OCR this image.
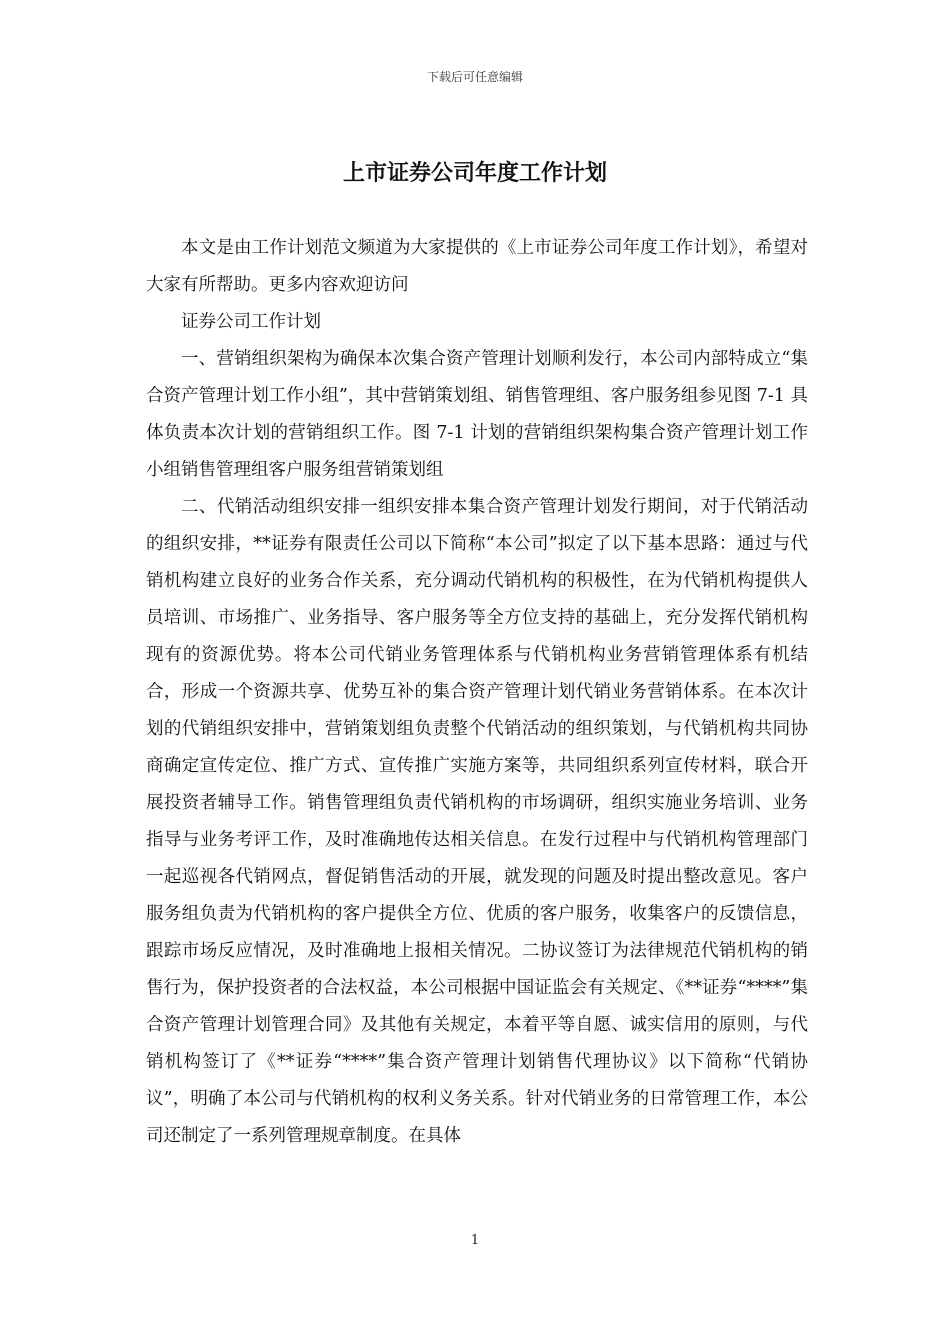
下载后可任意编辑
上市证券公司年度工作计划

本文是由工作计划范文频道为大家提供的《上市证券公司年度工作计划》，希望对大家有所帮助。更多内容欢迎访问

证券公司工作计划

一、营销组织架构为确保本次集合资产管理计划顺利发行，本公司内部特成立“集合资产管理计划工作小组”，其中营销策划组、销售管理组、客户服务组参见图 7-1 具体负责本次计划的营销组织工作。图 7-1 计划的营销组织架构集合资产管理计划工作小组销售管理组客户服务组营销策划组

二、代销活动组织安排一组织安排本集合资产管理计划发行期间，对于代销活动的组织安排，**证券有限责任公司以下简称“本公司”拟定了以下基本思路：通过与代销机构建立良好的业务合作关系，充分调动代销机构的积极性，在为代销机构提供人员培训、市场推广、业务指导、客户服务等全方位支持的基础上，充分发挥代销机构现有的资源优势。将本公司代销业务管理体系与代销机构业务营销管理体系有机结合，形成一个资源共享、优势互补的集合资产管理计划代销业务营销体系。在本次计划的代销组织安排中，营销策划组负责整个代销活动的组织策划，与代销机构共同协商确定宣传定位、推广方式、宣传推广实施方案等，共同组织系列宣传材料，联合开展投资者辅导工作。销售管理组负责代销机构的市场调研，组织实施业务培训、业务指导与业务考评工作，及时准确地传达相关信息。在发行过程中与代销机构管理部门一起巡视各代销网点，督促销售活动的开展，就发现的问题及时提出整改意见。客户服务组负责为代销机构的客户提供全方位、优质的客户服务，收集客户的反馈信息，跟踪市场反应情况，及时准确地上报相关情况。二协议签订为法律规范代销机构的销售行为，保护投资者的合法权益，本公司根据中国证监会有关规定、《**证券“****”集合资产管理计划管理合同》及其他有关规定，本着平等自愿、诚实信用的原则，与代销机构签订了《**证券“****”集合资产管理计划销售代理协议》以下简称“代销协议”，明确了本公司与代销机构的权利义务关系。针对代销业务的日常管理工作，本公司还制定了一系列管理规章制度。在具体

1
